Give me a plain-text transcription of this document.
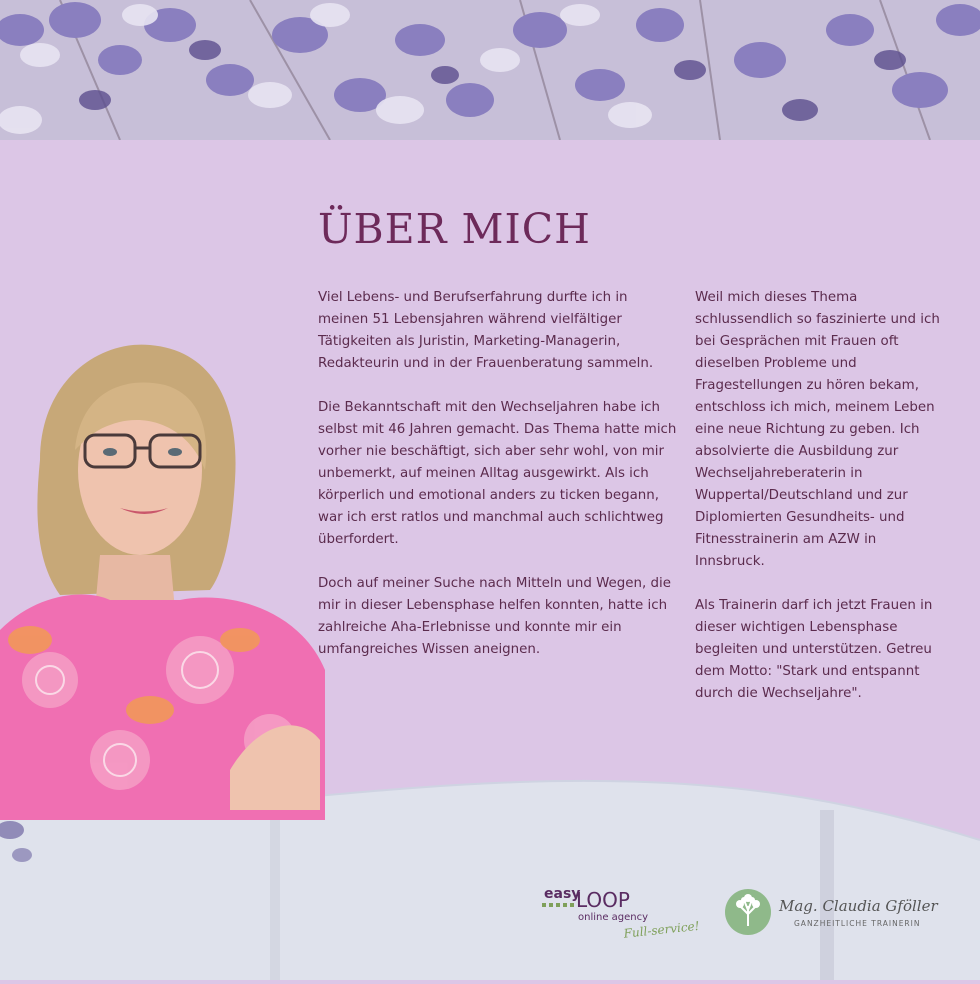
ÜBER MICH

Viel Lebens- und Berufserfahrung durfte ich in meinen 51 Lebensjahren während vielfältiger Tätigkeiten als Juristin, Marketing-Managerin, Redakteurin und in der Frauenberatung sammeln.

Die Bekanntschaft mit den Wechseljahren habe ich selbst mit 46 Jahren gemacht. Das Thema hatte mich vorher nie beschäftigt, sich aber sehr wohl, von mir unbemerkt, auf meinen Alltag ausgewirkt. Als ich körperlich und emotional anders zu ticken begann, war ich erst ratlos und manchmal auch schlichtweg überfordert.

Doch auf meiner Suche nach Mitteln und Wegen, die mir in dieser Lebensphase helfen konnten, hatte ich zahlreiche Aha-Erlebnisse und konnte mir ein umfangreiches Wissen aneignen.

Weil mich dieses Thema schlussendlich so faszinierte und ich bei Gesprächen mit Frauen oft dieselben Probleme und Fragestellungen zu hören bekam, entschloss ich mich, meinem Leben eine neue Richtung zu geben. Ich absolvierte die Ausbildung zur Wechseljahreberaterin in Wuppertal/Deutschland und zur Diplomierten Gesundheits- und Fitnesstrainerin am AZW in Innsbruck.

Als Trainerin darf ich jetzt Frauen in dieser wichtigen Lebensphase begleiten und unterstützen. Getreu dem Motto: "Stark und entspannt durch die Wechseljahre".

easy
LOOP
online agency
Full-service!
Mag. Claudia Gföller
GANZHEITLICHE TRAINERIN
